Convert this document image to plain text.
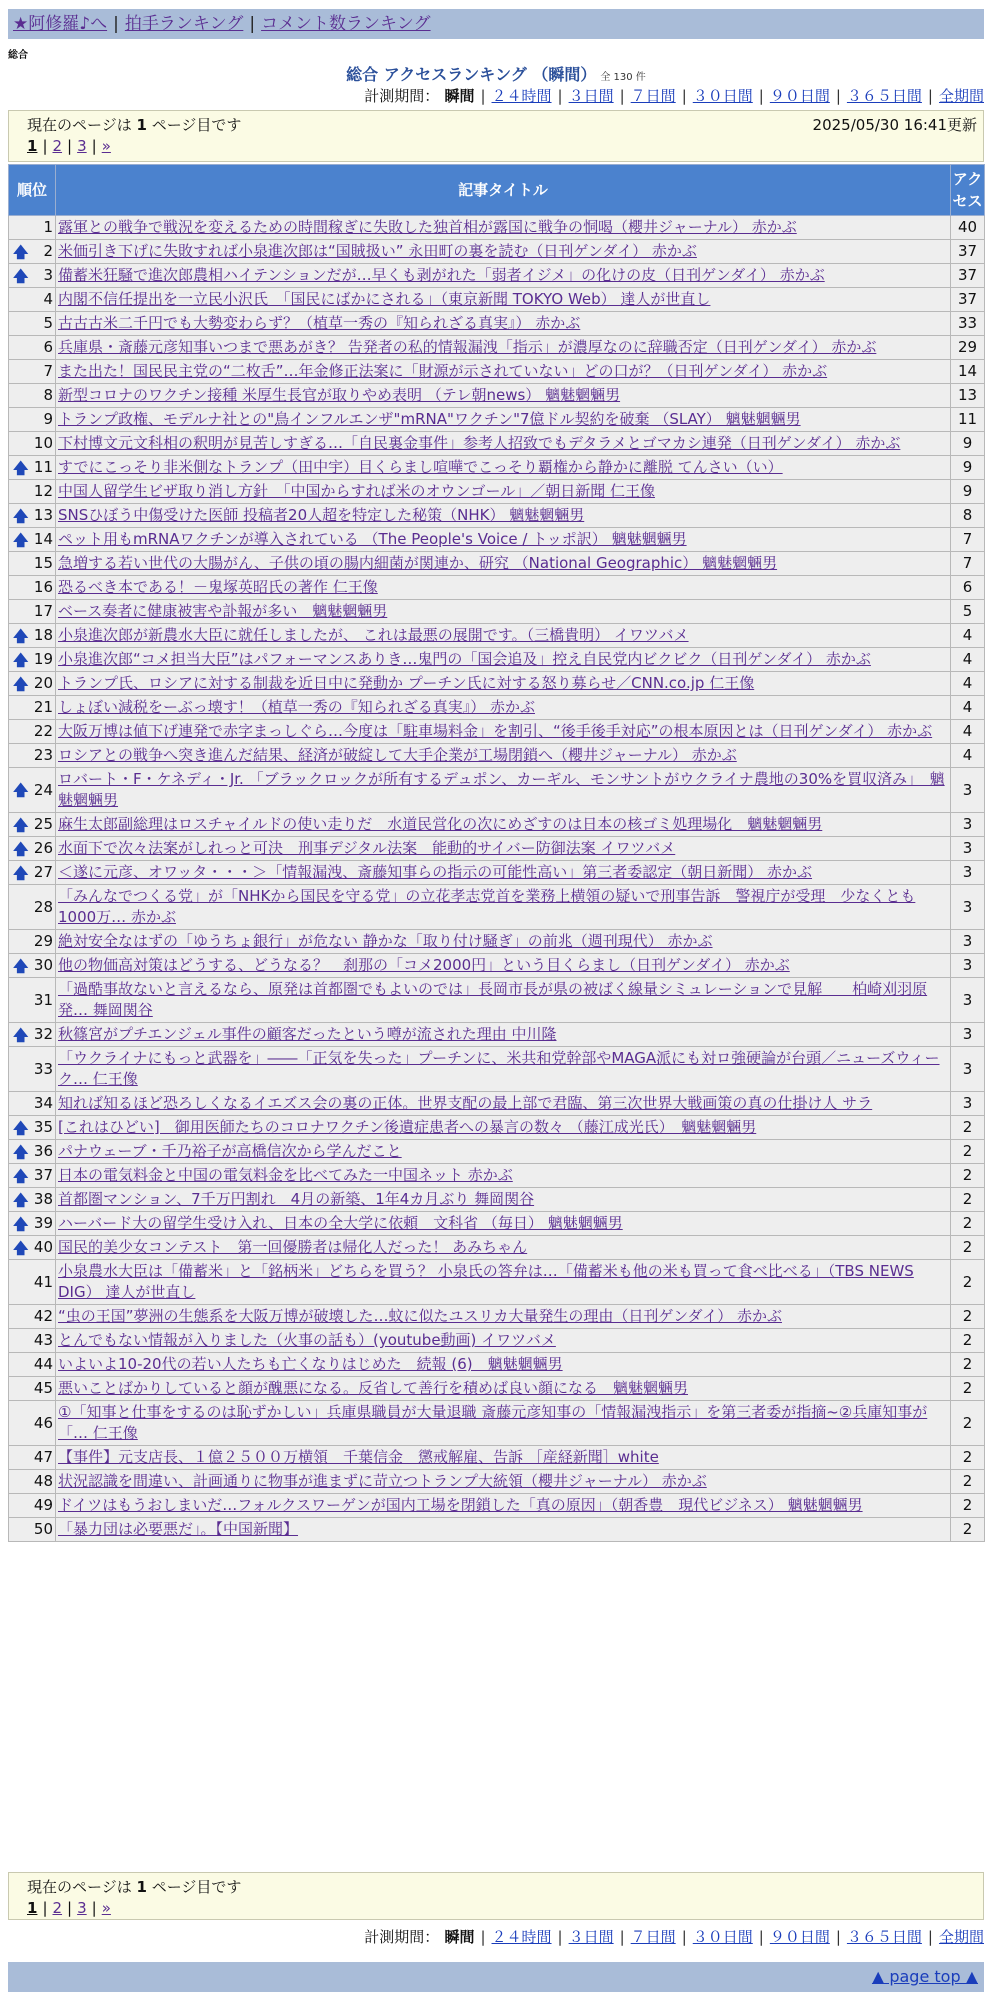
★阿修羅♪へ | 拍手ランキング | コメント数ランキング
総合
総合 アクセスランキング （瞬間） 全 130 件
計測期間： 瞬間 | ２４時間 | ３日間 | ７日間 | ３０日間 | ９０日間 | ３６５日間 | 全期間
現在のページは 1 ページ目です	2025/05/30 16:41更新
1 | 2 | 3 | »
順位	記事タイトル	アクセス
1	露軍との戦争で戦況を変えるための時間稼ぎに失敗した独首相が露国に戦争の恫喝（櫻井ジャーナル） 赤かぶ	40

🡅 2	米価引き下げに失敗すれば小泉進次郎は“国賊扱い” 永田町の裏を読む（日刊ゲンダイ） 赤かぶ	37

🡅 3	備蓄米狂騒で進次郎農相ハイテンションだが…早くも剥がれた「弱者イジメ」の化けの皮（日刊ゲンダイ） 赤かぶ	37
4	内閣不信任提出を一立民小沢氏　「国民にばかにされる」（東京新聞 TOKYO Web） 達人が世直し	37
5	古古古米二千円でも大勢変わらず？（植草一秀の『知られざる真実』） 赤かぶ	33
6	兵庫県・斎藤元彦知事いつまで悪あがき？ 告発者の私的情報漏洩「指示」が濃厚なのに辞職否定（日刊ゲンダイ） 赤かぶ	29
7	また出た！国民民主党の“二枚舌”…年金修正法案に「財源が示されていない」どの口が？（日刊ゲンダイ） 赤かぶ	14
8	新型コロナのワクチン接種 米厚生長官が取りやめ表明 （テレ朝news） 魑魅魍魎男	13
9	トランプ政権、モデルナ社との"鳥インフルエンザ"mRNA"ワクチン"7億ドル契約を破棄 （SLAY） 魑魅魍魎男	11
10	下村博文元文科相の釈明が見苦しすぎる…「自民裏金事件」参考人招致でもデタラメとゴマカシ連発（日刊ゲンダイ） 赤かぶ	9

🡅 11	すでにこっそり非米側なトランプ（田中宇）目くらまし喧嘩でこっそり覇権から静かに離脱 てんさい（い）	9
12	中国人留学生ビザ取り消し方針　「中国からすれば米のオウンゴール」／朝日新聞 仁王像	9

🡅 13	SNSひぼう中傷受けた医師 投稿者20人超を特定した秘策（NHK） 魑魅魍魎男	8

🡅 14	ペット用もmRNAワクチンが導入されている （The People's Voice / トッポ訳） 魑魅魍魎男	7
15	急増する若い世代の大腸がん、子供の頃の腸内細菌が関連か、研究 （National Geographic） 魑魅魍魎男	7
16	恐るべき本である！－鬼塚英昭氏の著作 仁王像	6
17	ベース奏者に健康被害や訃報が多い　魑魅魍魎男	5

🡅 18	小泉進次郎が新農水大臣に就任しましたが、 これは最悪の展開です。（三橋貴明） イワツバメ	4

🡅 19	小泉進次郎“コメ担当大臣”はパフォーマンスありき…鬼門の「国会追及」控え自民党内ビクビク（日刊ゲンダイ） 赤かぶ	4

🡅 20	トランプ氏、ロシアに対する制裁を近日中に発動か プーチン氏に対する怒り募らせ／CNN.co.jp 仁王像	4
21	しょぼい減税をーぶっ壊す！（植草一秀の『知られざる真実』） 赤かぶ	4
22	大阪万博は値下げ連発で赤字まっしぐら…今度は「駐車場料金」を割引、“後手後手対応”の根本原因とは（日刊ゲンダイ） 赤かぶ	4
23	ロシアとの戦争へ突き進んだ結果、経済が破綻して大手企業が工場閉鎖へ（櫻井ジャーナル） 赤かぶ	4

🡅 24	ロバート・F・ケネディ・Jr. 「ブラックロックが所有するデュポン、カーギル、モンサントがウクライナ農地の30%を買収済み」　魑魅魍魎男	3

🡅 25	麻生太郎副総理はロスチャイルドの使い走りだ　水道民営化の次にめざすのは日本の核ゴミ処理場化　魑魅魍魎男	3

🡅 26	水面下で次々法案がしれっと可決　刑事デジタル法案　能動的サイバー防御法案 イワツバメ	3

🡅 27	＜遂に元彦、オワッタ・・・＞「情報漏洩、斎藤知事らの指示の可能性高い」第三者委認定（朝日新聞） 赤かぶ	3
28	「みんなでつくる党」が「NHKから国民を守る党」の立花孝志党首を業務上横領の疑いで刑事告訴　警視庁が受理　少なくとも1000万… 赤かぶ	3
29	絶対安全なはずの「ゆうちょ銀行」が危ない 静かな「取り付け騒ぎ」の前兆（週刊現代） 赤かぶ	3

🡅 30	他の物価高対策はどうする、どうなる？　刹那の「コメ2000円」という目くらまし（日刊ゲンダイ） 赤かぶ	3
31	「過酷事故ないと言えるなら、原発は首都圏でもよいのでは」長岡市長が県の被ばく線量シミュレーションで見解　　柏崎刈羽原発… 舞岡関谷	3

🡅 32	秋篠宮がプチエンジェル事件の顧客だったという噂が流された理由 中川隆	3
33	「ウクライナにもっと武器を」――「正気を失った」プーチンに、米共和党幹部やMAGA派にも対ロ強硬論が台頭／ニューズウィーク… 仁王像	3
34	知れば知るほど恐ろしくなるイエズス会の裏の正体。世界支配の最上部で君臨、第三次世界大戦画策の真の仕掛け人 サラ	3

🡅 35	[これはひどい]　御用医師たちのコロナワクチン後遺症患者への暴言の数々 （藤江成光氏）　魑魅魍魎男	2

🡅 36	パナウェーブ・千乃裕子が高橋信次から学んだこと	2

🡅 37	日本の電気料金と中国の電気料金を比べてみた一中国ネット 赤かぶ	2

🡅 38	首都圏マンション、7千万円割れ　4月の新築、1年4カ月ぶり 舞岡関谷	2

🡅 39	ハーバード大の留学生受け入れ、日本の全大学に依頼　文科省 （毎日） 魑魅魍魎男	2

🡅 40	国民的美少女コンテスト　第一回優勝者は帰化人だった！ あみちゃん	2
41	小泉農水大臣は「備蓄米」と「銘柄米」どちらを買う？ 小泉氏の答弁は…「備蓄米も他の米も買って食べ比べる」（TBS NEWS DIG） 達人が世直し	2
42	“虫の王国”夢洲の生態系を大阪万博が破壊した…蚊に似たユスリカ大量発生の理由（日刊ゲンダイ） 赤かぶ	2
43	とんでもない情報が入りました（火事の話も）(youtube動画) イワツバメ	2
44	いよいよ10-20代の若い人たちも亡くなりはじめた　続報 (6)　魑魅魍魎男	2
45	悪いことばかりしていると顔が醜悪になる。反省して善行を積めば良い顔になる　魑魅魍魎男	2
46	①「知事と仕事をするのは恥ずかしい」兵庫県職員が大量退職 斎藤元彦知事の「情報漏洩指示」を第三者委が指摘~②兵庫知事が「… 仁王像	2
47	【事件】元支店長、１億２５００万横領　千葉信金　懲戒解雇、告訴 ［産経新聞］white	2
48	状況認識を間違い、計画通りに物事が進まずに苛立つトランプ大統領（櫻井ジャーナル） 赤かぶ	2
49	ドイツはもうおしまいだ…フォルクスワーゲンが国内工場を閉鎖した「真の原因」（朝香豊　現代ビジネス） 魑魅魍魎男	2
50	「暴力団は必要悪だ」。【中国新聞】	2
現在のページは 1 ページ目です
1 | 2 | 3 | »
計測期間： 瞬間 | ２４時間 | ３日間 | ７日間 | ３０日間 | ９０日間 | ３６５日間 | 全期間
▲ page top ▲
